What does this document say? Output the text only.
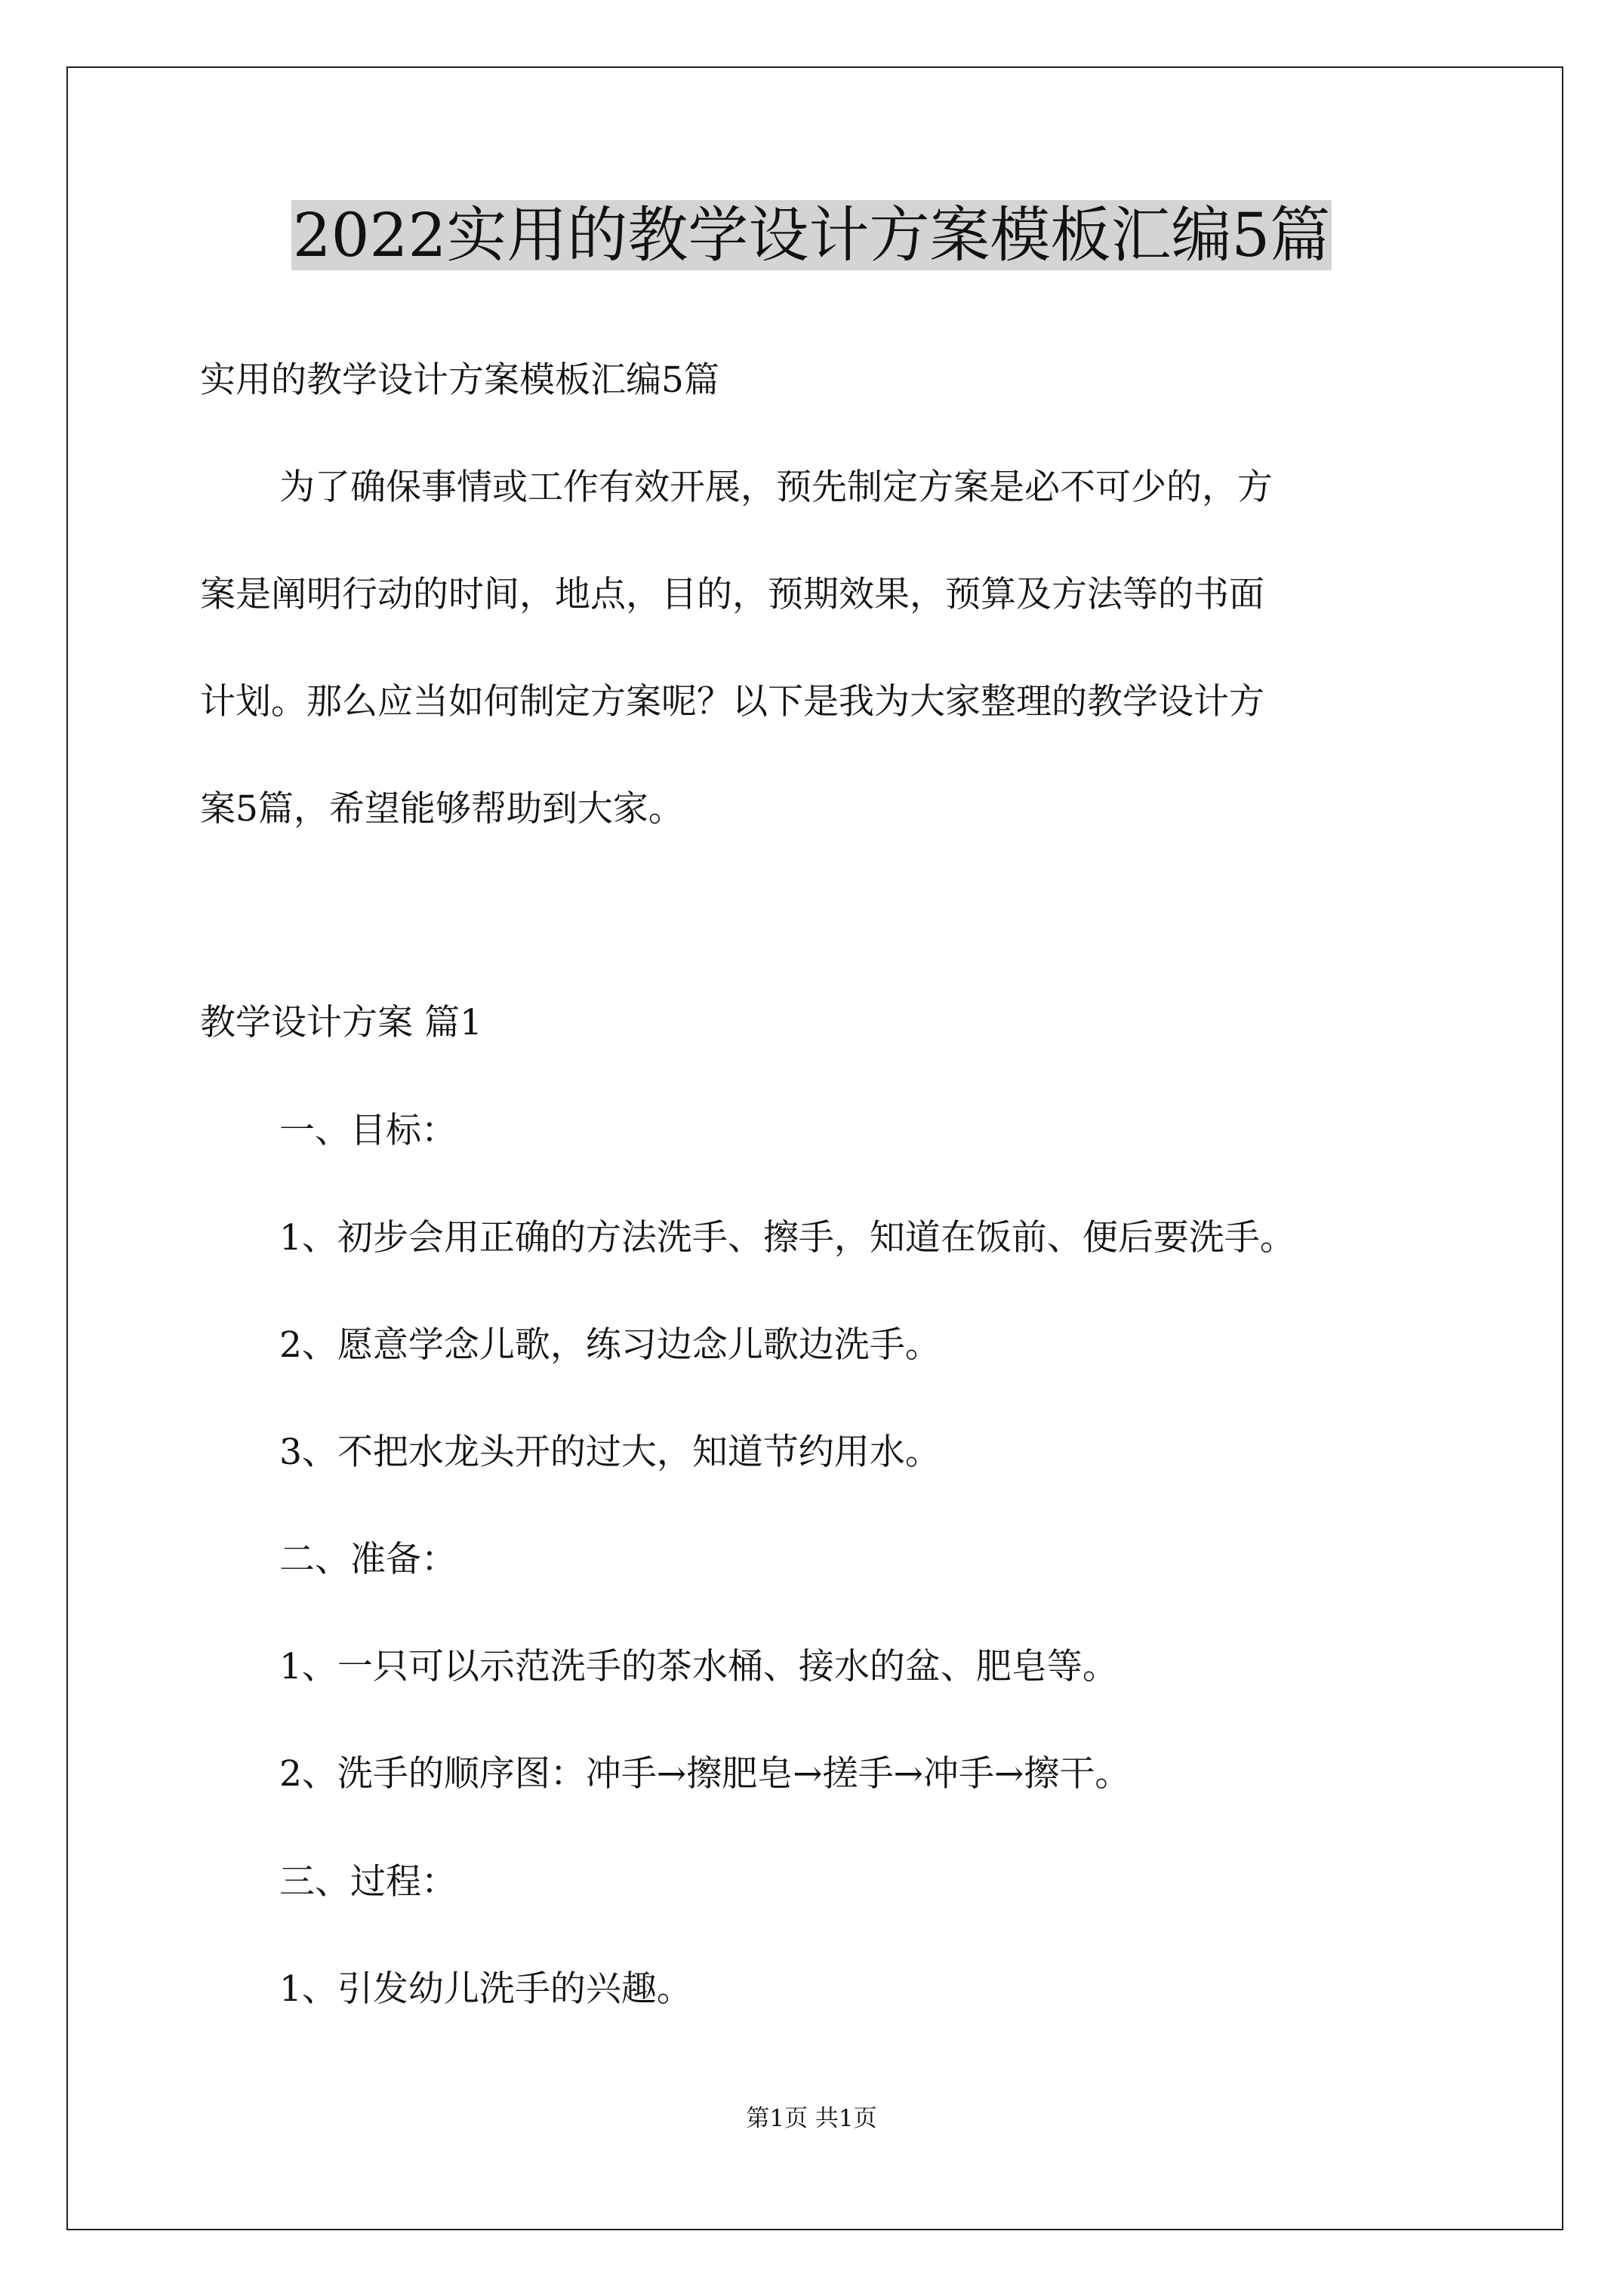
2022实用的教学设计方案模板汇编5篇
实用的教学设计方案模板汇编5篇
为了确保事情或工作有效开展，预先制定方案是必不可少的，方
案是阐明行动的时间，地点，目的，预期效果，预算及方法等的书面
计划。那么应当如何制定方案呢？以下是我为大家整理的教学设计方
案5篇，希望能够帮助到大家。
教学设计方案 篇1
一、目标：
1、初步会用正确的方法洗手、擦手，知道在饭前、便后要洗手。
2、愿意学念儿歌，练习边念儿歌边洗手。
3、不把水龙头开的过大，知道节约用水。
二、准备：
1、一只可以示范洗手的茶水桶、接水的盆、肥皂等。
2、洗手的顺序图：冲手→擦肥皂→搓手→冲手→擦干。
三、过程：
1、引发幼儿洗手的兴趣。
第1页 共1页
